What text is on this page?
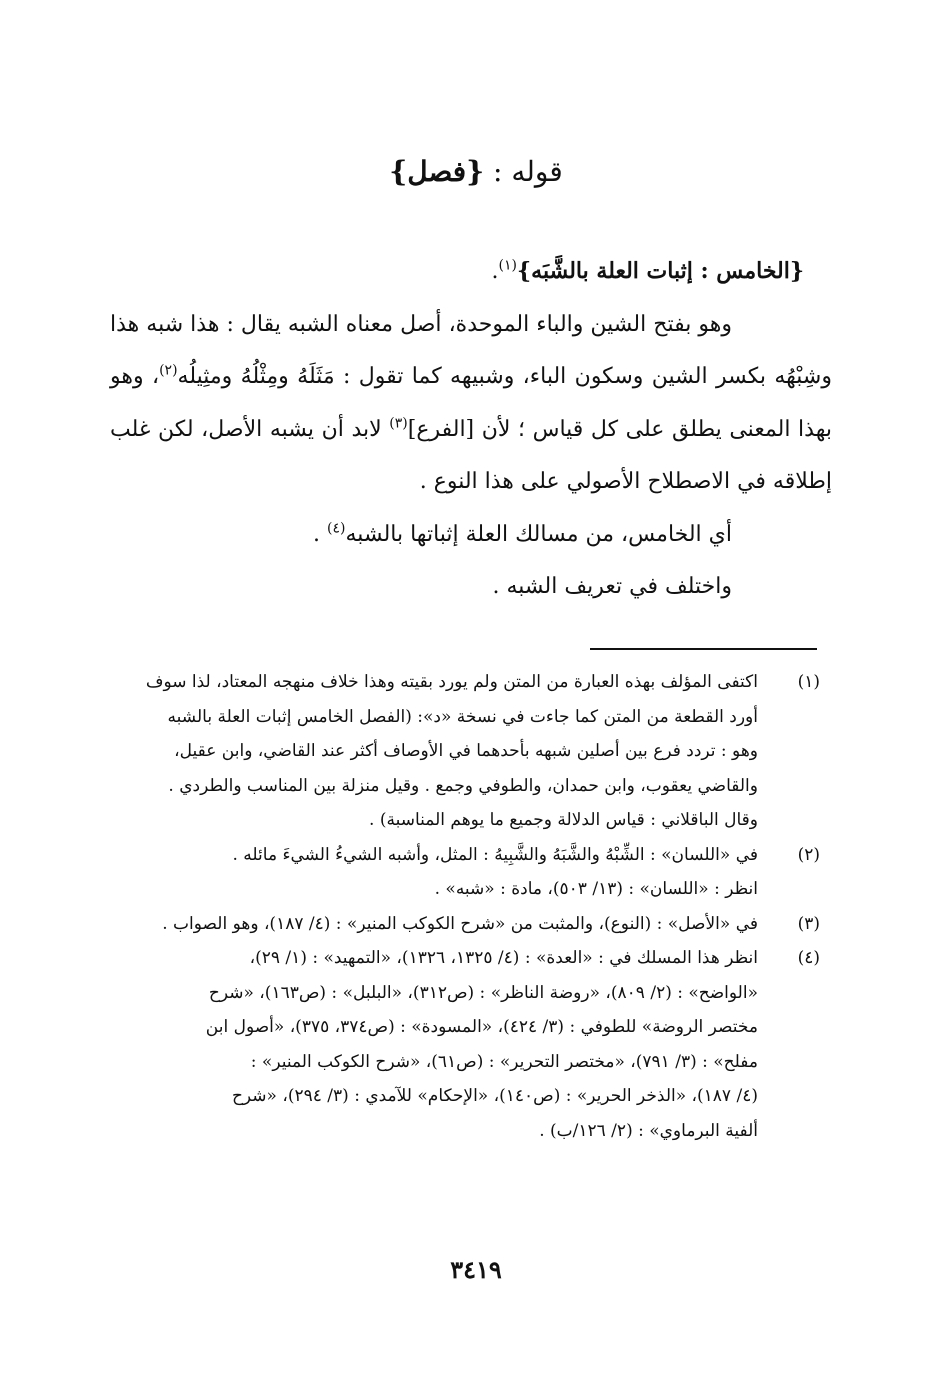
قوله : {فصل}

{الخامس : إثبات العلة بالشَّبَه}$^{(١)}$.

وهو بفتح الشين والباء الموحدة، أصل معناه الشبه يقال : هذا شبه هذا وشِبْهُه بكسر الشين وسكون الباء، وشبيهه كما تقول : مَثَلَهُ ومِثْلُهُ ومثِيلُه$^{(٢)}$، وهو بهذا المعنى يطلق على كل قياس ؛ لأن [الفرع]$^{(٣)}$ لابد أن يشبه الأصل، لكن غلب إطلاقه في الاصطلاح الأصولي على هذا النوع .

أي الخامس، من مسالك العلة إثباتها بالشبه$^{(٤)}$ .

واختلف في تعريف الشبه .

(١)
اكتفى المؤلف بهذه العبارة من المتن ولم يورد بقيته وهذا خلاف منهجه المعتاد، لذا سوف
أورد القطعة من المتن كما جاءت في نسخة «د»: (الفصل الخامس إثبات العلة بالشبه
وهو : تردد فرع بين أصلين شبهه بأحدهما في الأوصاف أكثر عند القاضي، وابن عقيل،
والقاضي يعقوب، وابن حمدان، والطوفي وجمع . وقيل منزلة بين المناسب والطردي .
وقال الباقلاني : قياس الدلالة وجميع ما يوهم المناسبة) .
(٢)
في «اللسان» : الشِّبْهُ والشَّبَهُ والشَّبِيهُ : المثل، وأشبه الشيءُ الشيءَ مائله .
انظر : «اللسان» : (١٣/ ٥٠٣)، مادة : «شبه» .
(٣)
في «الأصل» : (النوع)، والمثبت من «شرح الكوكب المنير» : (٤/ ١٨٧)، وهو الصواب .
(٤)
انظر هذا المسلك في : «العدة» : (٤/ ١٣٢٥، ١٣٢٦)، «التمهيد» : (١/ ٢٩)،
«الواضح» : (٢/ ٨٠٩)، «روضة الناظر» : (ص٣١٢)، «البلبل» : (ص١٦٣)، «شرح
مختصر الروضة» للطوفي : (٣/ ٤٢٤)، «المسودة» : (ص٣٧٤، ٣٧٥)، «أصول ابن
مفلح» : (٣/ ٧٩١)، «مختصر التحرير» : (ص٦١)، «شرح الكوكب المنير» :
(٤/ ١٨٧)، «الذخر الحرير» : (ص١٤٠)، «الإحكام» للآمدي : (٣/ ٢٩٤)، «شرح
ألفية البرماوي» : (٢/ ١٢٦/ب) .
٣٤١٩
